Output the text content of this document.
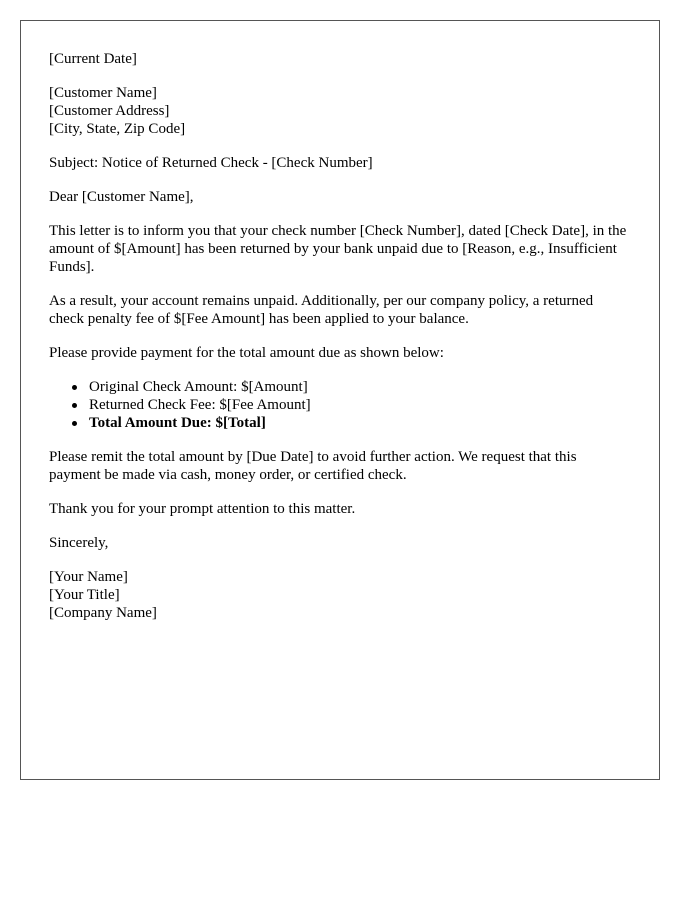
[Current Date]

[Customer Name]
[Customer Address]
[City, State, Zip Code]

Subject: Notice of Returned Check - [Check Number]

Dear [Customer Name],

This letter is to inform you that your check number [Check Number], dated [Check Date], in the amount of $[Amount] has been returned by your bank unpaid due to [Reason, e.g., Insufficient Funds].

As a result, your account remains unpaid. Additionally, per our company policy, a returned check penalty fee of $[Fee Amount] has been applied to your balance.

Please provide payment for the total amount due as shown below:

Original Check Amount: $[Amount]
Returned Check Fee: $[Fee Amount]
Total Amount Due: $[Total]

Please remit the total amount by [Due Date] to avoid further action. We request that this payment be made via cash, money order, or certified check.

Thank you for your prompt attention to this matter.

Sincerely,

[Your Name]
[Your Title]
[Company Name]
